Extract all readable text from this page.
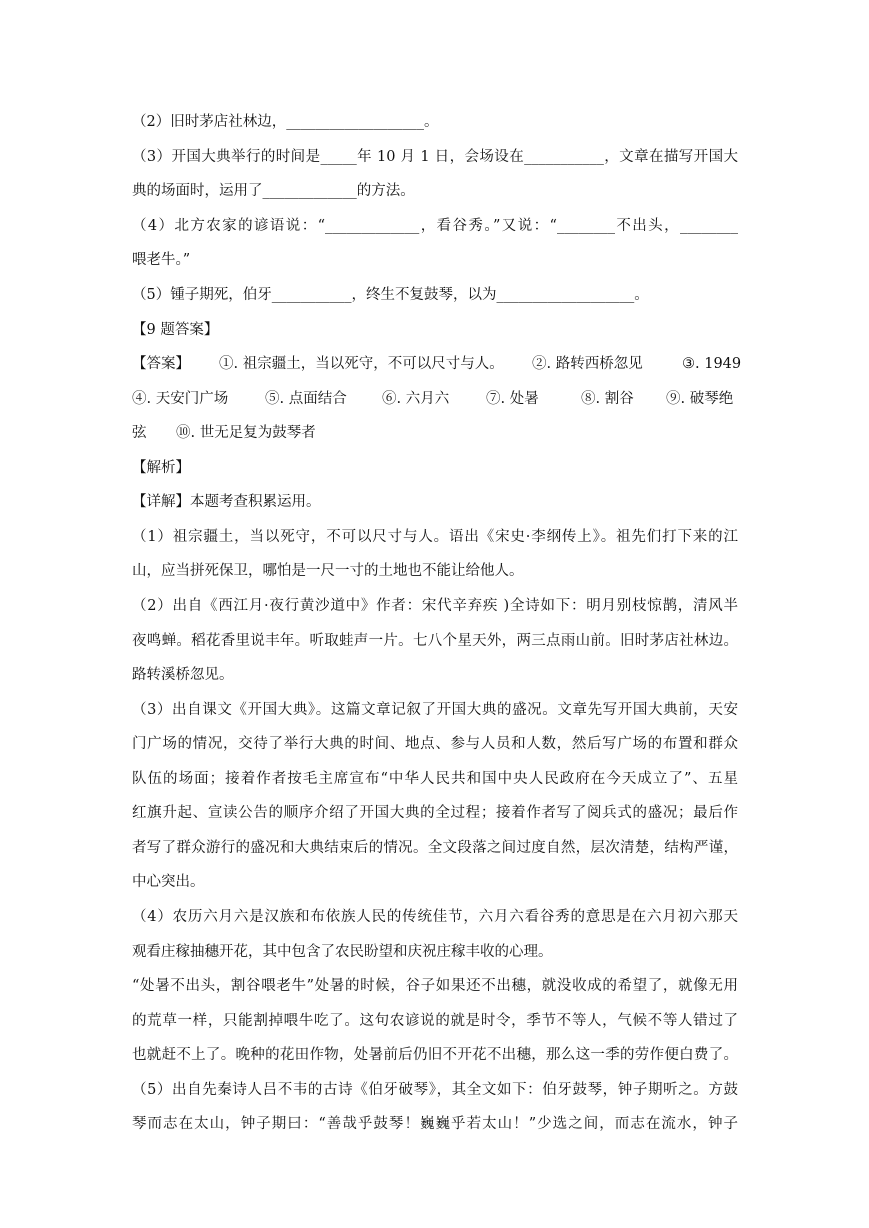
（2）旧时茅店社林边，___________________。
（3）开国大典举行的时间是_____年 10 月 1 日，会场设在___________，文章在描写开国大
典的场面时，运用了_____________的方法。
（4）北方农家的谚语说：“_____________，看谷秀。”又说：“________不出头，________
喂老牛。”
（5）锺子期死，伯牙___________，终生不复鼓琴，以为___________________。
【9 题答案】
【答案】 ①. 祖宗疆土，当以死守，不可以尺寸与人。 ②. 路转西桥忽见	③. 1949
④. 天安门广场	⑤. 点面结合 ⑥. 六月六	⑦. 处暑	⑧. 割谷 ⑨. 破琴绝
弦 ⑩. 世无足复为鼓琴者
【解析】
【详解】本题考查积累运用。
（1）祖宗疆土，当以死守，不可以尺寸与人。语出《宋史·李纲传上》。祖先们打下来的江
山，应当拼死保卫，哪怕是一尺一寸的土地也不能让给他人。
（2）出自《西江月·夜行黄沙道中》作者：宋代辛弃疾 )全诗如下：明月别枝惊鹊，清风半
夜鸣蝉。稻花香里说丰年。听取蛙声一片。七八个星天外，两三点雨山前。旧时茅店社林边。
路转溪桥忽见。
（3）出自课文《开国大典》。这篇文章记叙了开国大典的盛况。文章先写开国大典前，天安
门广场的情况，交待了举行大典的时间、地点、参与人员和人数，然后写广场的布置和群众
队伍的场面；接着作者按毛主席宣布“中华人民共和国中央人民政府在今天成立了”、五星
红旗升起、宣读公告的顺序介绍了开国大典的全过程；接着作者写了阅兵式的盛况；最后作
者写了群众游行的盛况和大典结束后的情况。全文段落之间过度自然，层次清楚，结构严谨，
中心突出。
（4）农历六月六是汉族和布依族人民的传统佳节，六月六看谷秀的意思是在六月初六那天
观看庄稼抽穗开花，其中包含了农民盼望和庆祝庄稼丰收的心理。
“处暑不出头，割谷喂老牛”处暑的时候，谷子如果还不出穗，就没收成的希望了，就像无用
的荒草一样，只能割掉喂牛吃了。这句农谚说的就是时令，季节不等人，气候不等人错过了
也就赶不上了。晚种的花田作物，处暑前后仍旧不开花不出穗，那么这一季的劳作便白费了。
（5）出自先秦诗人吕不韦的古诗《伯牙破琴》，其全文如下：伯牙鼓琴，钟子期听之。方鼓
琴而志在太山，钟子期曰：“善哉乎鼓琴！巍巍乎若太山！”少选之间，而志在流水，钟子
